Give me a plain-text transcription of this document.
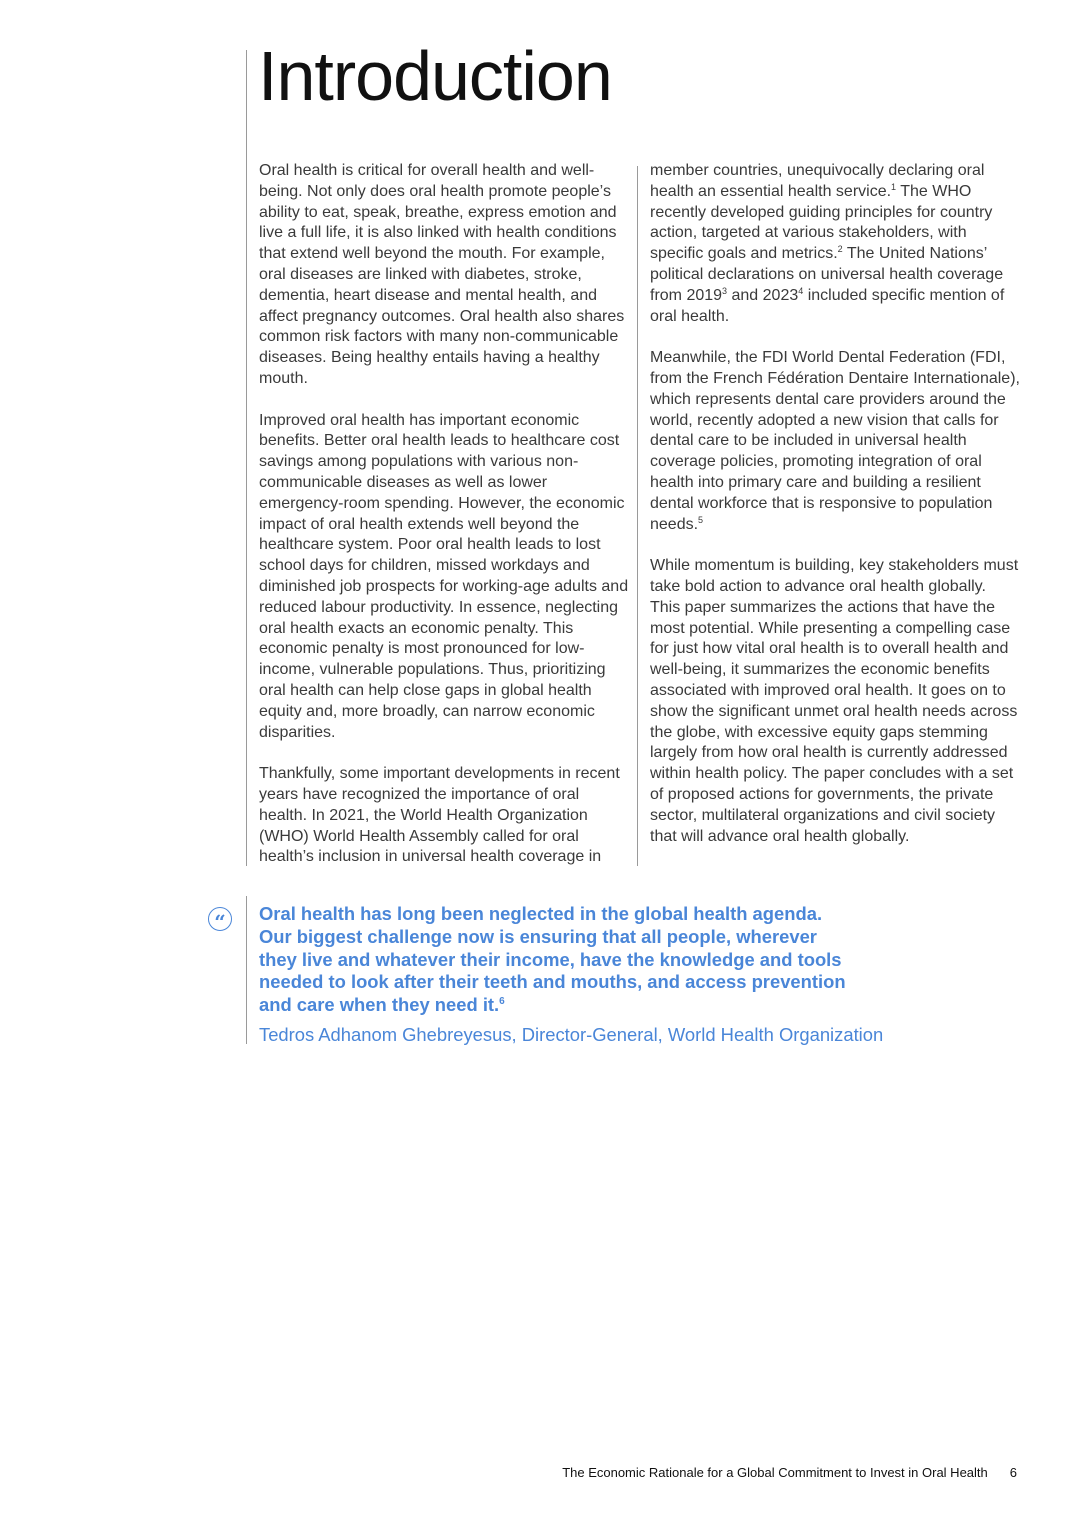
Introduction

Oral health is critical for overall health and well-being. Not only does oral health promote people’s ability to eat, speak, breathe, express emotion and live a full life, it is also linked with health conditions that extend well beyond the mouth. For example, oral diseases are linked with diabetes, stroke, dementia, heart disease and mental health, and affect pregnancy outcomes. Oral health also shares common risk factors with many non-communicable diseases. Being healthy entails having a healthy mouth.

Improved oral health has important economic benefits. Better oral health leads to healthcare cost savings among populations with various non-communicable diseases as well as lower emergency-room spending. However, the economic impact of oral health extends well beyond the healthcare system. Poor oral health leads to lost school days for children, missed workdays and diminished job prospects for working-age adults and reduced labour productivity. In essence, neglecting oral health exacts an economic penalty. This economic penalty is most pronounced for low-income, vulnerable populations. Thus, prioritizing oral health can help close gaps in global health equity and, more broadly, can narrow economic disparities.

Thankfully, some important developments in recent years have recognized the importance of oral health. In 2021, the World Health Organization (WHO) World Health Assembly called for oral health’s inclusion in universal health coverage in

member countries, unequivocally declaring oral health an essential health service.$^1$ The WHO recently developed guiding principles for country action, targeted at various stakeholders, with specific goals and metrics.$^2$ The United Nations’ political declarations on universal health coverage from 2019$^3$ and 2023$^4$ included specific mention of oral health.

Meanwhile, the FDI World Dental Federation (FDI, from the French Fédération Dentaire Internationale), which represents dental care providers around the world, recently adopted a new vision that calls for dental care to be included in universal health coverage policies, promoting integration of oral health into primary care and building a resilient dental workforce that is responsive to population needs.$^5$

While momentum is building, key stakeholders must take bold action to advance oral health globally. This paper summarizes the actions that have the most potential. While presenting a compelling case for just how vital oral health is to overall health and well-being, it summarizes the economic benefits associated with improved oral health. It goes on to show the significant unmet oral health needs across the globe, with excessive equity gaps stemming largely from how oral health is currently addressed within health policy. The paper concludes with a set of proposed actions for governments, the private sector, multilateral organizations and civil society that will advance oral health globally.

“	Oral health has long been neglected in the global health agenda. Our biggest challenge now is ensuring that all people, wherever they live and whatever their income, have the knowledge and tools needed to look after their teeth and mouths, and access prevention and care when they need it.$^6$

Tedros Adhanom Ghebreyesus, Director-General, World Health Organization

The Economic Rationale for a Global Commitment to Invest in Oral Health 6
